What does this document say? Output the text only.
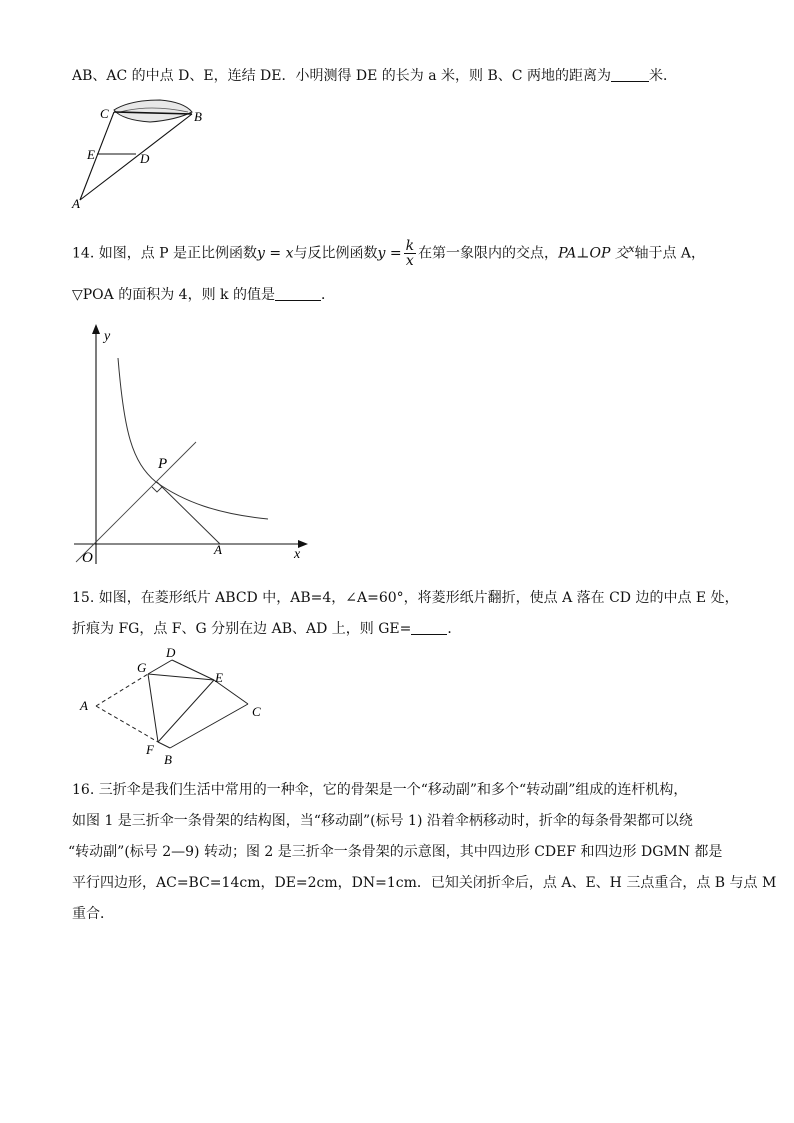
AB、AC 的中点 D、E，连结 DE．小明测得 DE 的长为 a 米，则 B、C 两地的距离为	米．
C	B
E	D
A
14. 如图，点 P 是正比例函数y = x与反比例函数$y = \frac{k}{x}$ 在第一象限内的交点，PA⊥OP 交$^x$轴于点 A，
▽POA 的面积为 4，则 k 的值是	．
y
x
O
P
A
15. 如图，在菱形纸片 ABCD 中，AB=4，∠A=60°，将菱形纸片翻折，使点 A 落在 CD 边的中点 E 处，
折痕为 FG，点 F、G 分别在边 AB、AD 上，则 GE=	．
D
G
E
A	C
F
B
16. 三折伞是我们生活中常用的一种伞，它的骨架是一个“移动副”和多个“转动副”组成的连杆机构，
如图 1 是三折伞一条骨架的结构图，当“移动副”(标号 1) 沿着伞柄移动时，折伞的每条骨架都可以绕
“转动副”(标号 2—9) 转动；图 2 是三折伞一条骨架的示意图，其中四边形 CDEF 和四边形 DGMN 都是
平行四边形，AC=BC=14cm，DE=2cm，DN=1cm．已知关闭折伞后，点 A、E、H 三点重合，点 B 与点 M
重合．
